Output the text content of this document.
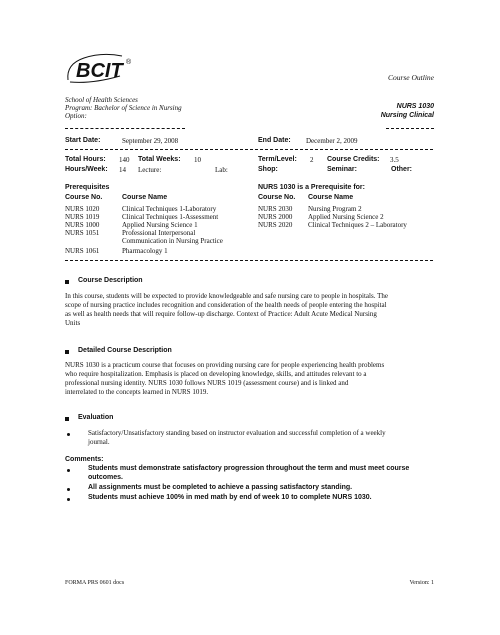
BCIT ®
Course Outline
School of Health Sciences
Program: Bachelor of Science in Nursing
Option:
NURS 1030
Nursing Clinical
Start Date:	September 29, 2008	End Date: December 2, 2009
Total Hours: 140 Total Weeks: 10	Term/Level: 2 Course Credits: 3.5
Hours/Week: 14 Lecture:	Lab:	Shop:	Seminar:	Other:
Prerequisites
Course No.	Course Name
NURS 1020	Clinical Techniques 1-Laboratory
NURS 1019	Clinical Techniques 1-Assessment
NURS 1000	Applied Nursing Science 1
NURS 1051	Professional Interpersonal
Communication in Nursing Practice
NURS 1061	Pharmacology 1
NURS 1030 is a Prerequisite for:
Course No. Course Name
NURS 2030 Nursing Program 2
NURS 2000 Applied Nursing Science 2
NURS 2020 Clinical Techniques 2 – Laboratory
Course Description
In this course, students will be expected to provide knowledgeable and safe nursing care to people in hospitals. The
scope of nursing practice includes recognition and consideration of the health needs of people entering the hospital
as well as health needs that will require follow-up discharge. Context of Practice: Adult Acute Medical Nursing
Units
Detailed Course Description
NURS 1030 is a practicum course that focuses on providing nursing care for people experiencing health problems
who require hospitalization. Emphasis is placed on developing knowledge, skills, and attitudes relevant to a
professional nursing identity. NURS 1030 follows NURS 1019 (assessment course) and is linked and
interrelated to the concepts learned in NURS 1019.
Evaluation
Satisfactory/Unsatisfactory standing based on instructor evaluation and successful completion of a weekly
journal.
Comments:
Students must demonstrate satisfactory progression throughout the term and must meet course
outcomes.
All assignments must be completed to achieve a passing satisfactory standing.
Students must achieve 100% in med math by end of week 10 to complete NURS 1030.
FORMA PRS 0601 docs	Version: 1
